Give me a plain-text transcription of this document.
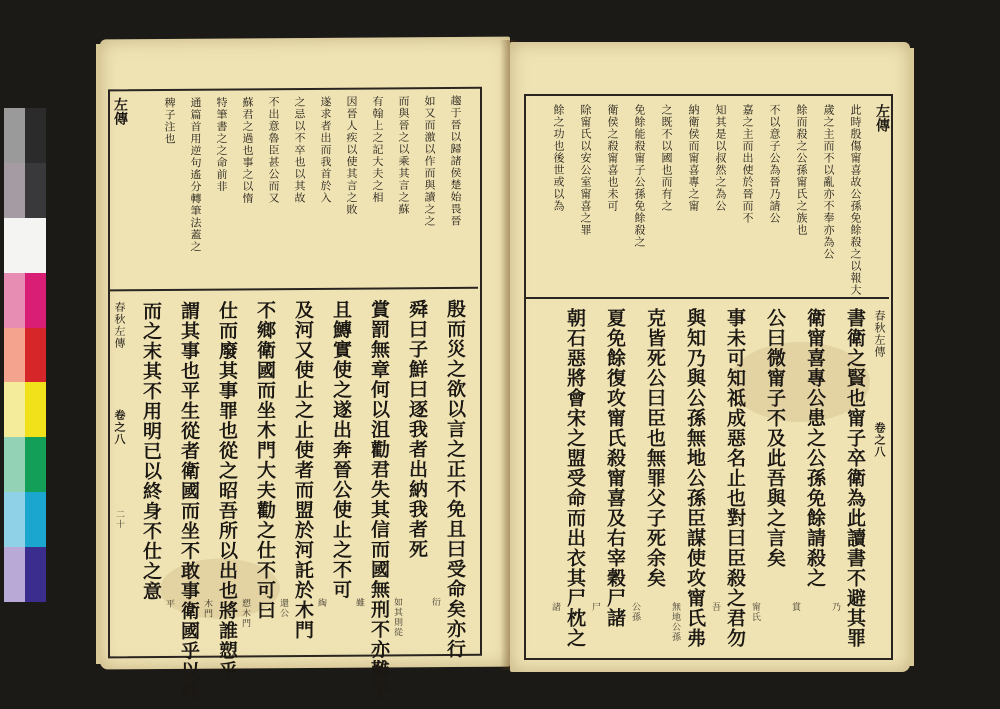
左傳
春秋左傳
卷之八
二十
趨于晉以歸諸侯楚始畏晉
如又而激以作而與讀之之
而與晉之以乘其言之蘇
有翰上之記大夫之相
因晉人疾以使其言之敗
遂求者出而我首於入
之忌以不卒也以其故
不出意魯臣甚公而又
蘇君之過也事之以惰
特筆書之之命前非
通篇首用逆句遙分轉筆法蓋之
稗子注也
殷而災之欲以言之正不免且曰受命矣亦行
舜曰子鮮曰逐我者出納我者死
賞罰無章何以沮勸君失其信而國無刑不亦難乎
且鱄實使之遂出奔晉公使止之不可
及河又使止之止使者而盟於河託於木門
不鄉衛國而坐木門大夫勸之仕不可曰
仕而廢其事罪也從之昭吾所以出也將誰愬乎
謂其事也平生從者衛國而坐不敢事衛國乎以終
而之末其不用明已以終身不仕之意
衍
如其則從
雖
綯
還公
愬木門
木門
平
左傳
春秋左傳
卷之八
此時殷傷甯喜故公孫免餘殺之以報大
歲之主而不以亂亦不奉亦為公
餘而殺之公孫甯氏之族也
不以意子公為晉乃請公
嘉之主而出使於晉而不
知其是以叔然之為公
納衛侯而甯喜專之甯
之既不以國也而有之
免餘能殺甯子公孫免餘殺之
衛侯之殺甯喜也未可
除甯氏以安公室甯喜之罪
餘之功也後世或以為
書衛之賢也甯子卒衛為此讀書不避其罪
衛甯喜專公患之公孫免餘請殺之
公曰微甯子不及此吾與之言矣
事未可知祗成惡名止也對曰臣殺之君勿
與知乃與公孫無地公孫臣謀使攻甯氏弗
克皆死公曰臣也無罪父子死余矣
夏免餘復攻甯氏殺甯喜及右宰穀尸諸
朝石惡將會宋之盟受命而出衣其尸枕之	乃
賞
甯氏
吾
無地公孫
公孫
尸
諸
